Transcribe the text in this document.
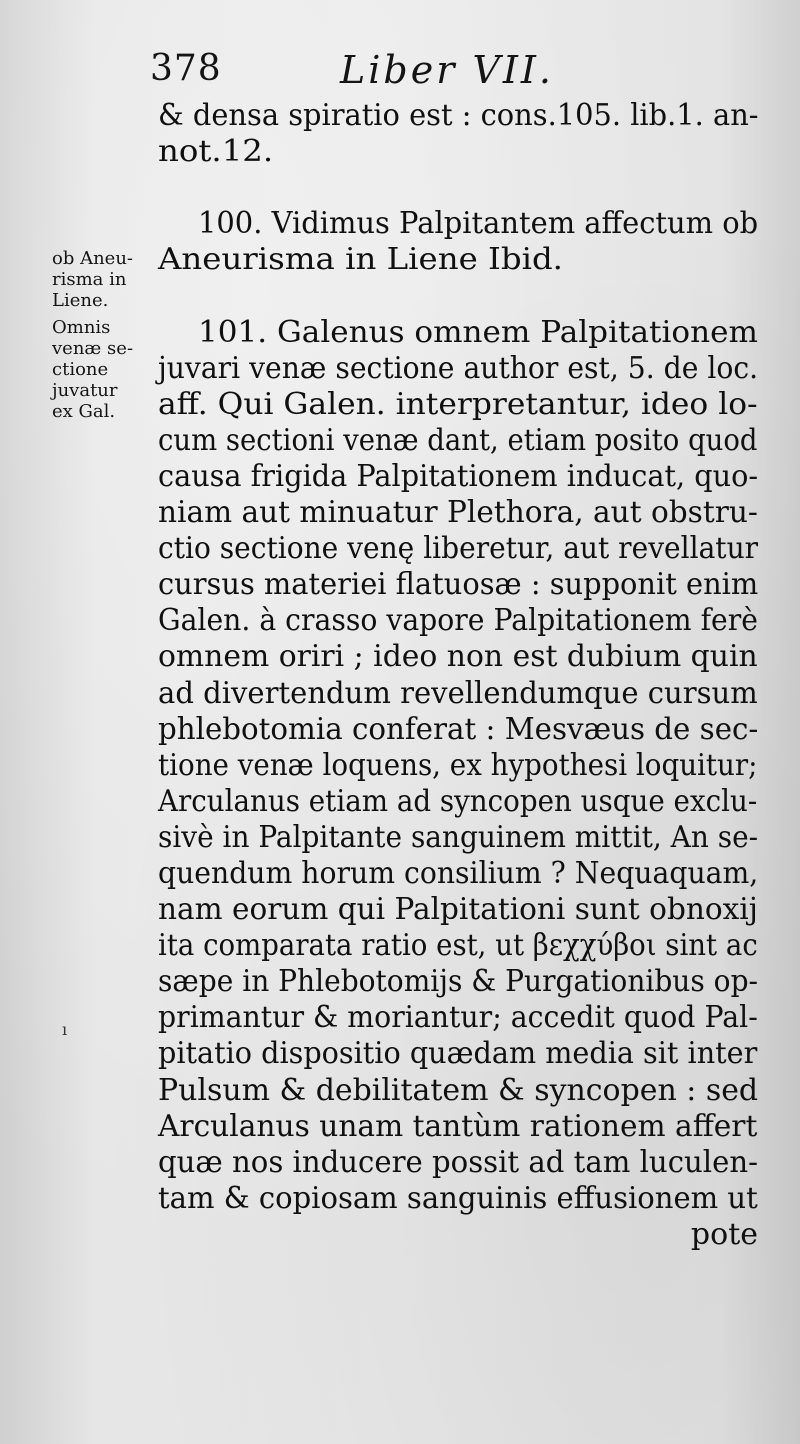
378	Liber VII.
ob Aneu-
risma in
Liene.
Omnis
venæ se-
ctione
juvatur
ex Gal.
& densa spiratio est : cons.105. lib.1. an-
not.12.
100. Vidimus Palpitantem affectum ob
Aneurisma in Liene Ibid.
101. Galenus omnem Palpitationem
juvari venæ sectione author est, 5. de loc.
aff. Qui Galen. interpretantur, ideo lo-
cum sectioni venæ dant, etiam posito quod
causa frigida Palpitationem inducat, quo-
niam aut minuatur Plethora, aut obstru-
ctio sectione venę liberetur, aut revellatur
cursus materiei flatuosæ : supponit enim
Galen. à crasso vapore Palpitationem ferè
omnem oriri ; ideo non est dubium quin
ad divertendum revellendumque cursum
phlebotomia conferat : Mesvæus de sec-
tione venæ loquens, ex hypothesi loquitur;
Arculanus etiam ad syncopen usque exclu-
sivè in Palpitante sanguinem mittit, An se-
quendum horum consilium ? Nequaquam,
nam eorum qui Palpitationi sunt obnoxij
ita comparata ratio est, ut βεχχύβοι sint ac
sæpe in Phlebotomijs & Purgationibus op-
primantur & moriantur; accedit quod Pal-
pitatio dispositio quædam media sit inter
Pulsum & debilitatem & syncopen : sed
Arculanus unam tantùm rationem affert
quæ nos inducere possit ad tam luculen-
tam & copiosam sanguinis effusionem ut
pote
ı
